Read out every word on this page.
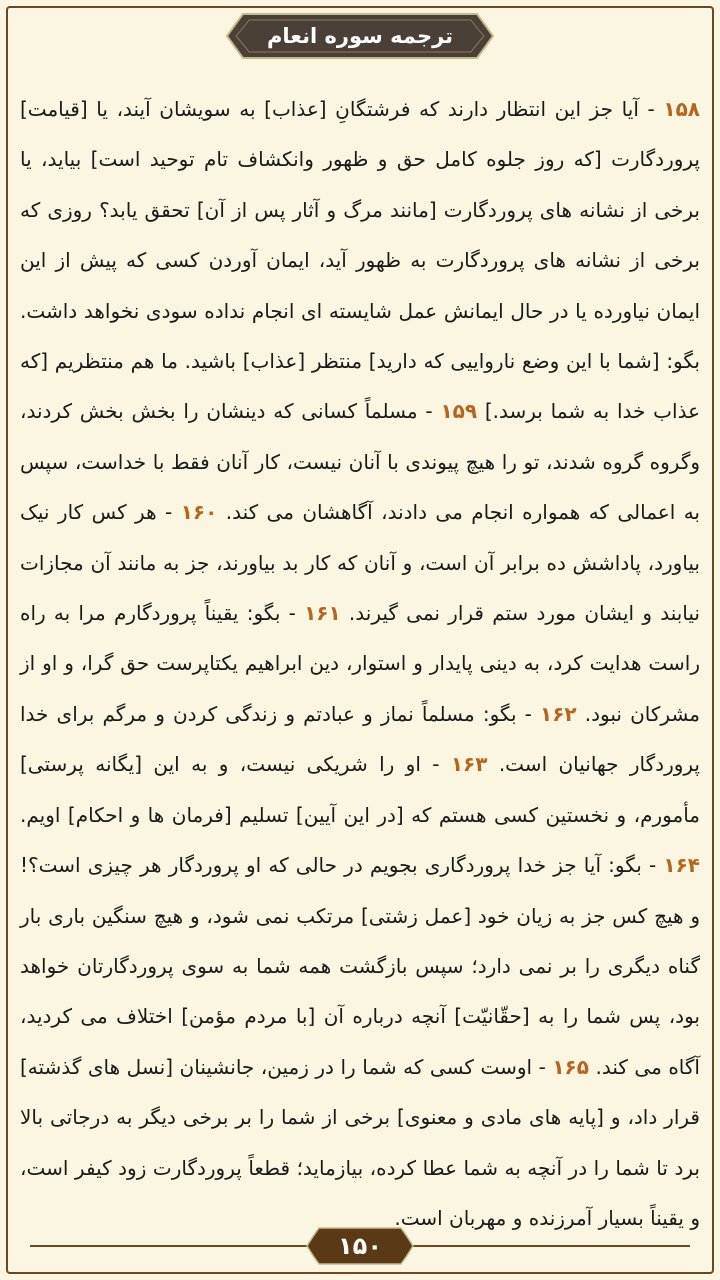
ترجمه سوره انعام
۱۵۸ - آیا جز این انتظار دارند که فرشتگانِ [عذاب] به سویشان آیند، یا [قیامت] پروردگارت [که روز جلوه کامل حق و ظهور وانکشاف تام توحید است] بیاید، یا برخی از نشانه های پروردگارت [مانند مرگ و آثار پس از آن] تحقق یابد؟ روزی که برخی از نشانه های پروردگارت به ظهور آید، ایمان آوردن کسی که پیش از این ایمان نیاورده یا در حال ایمانش عمل شایسته ای انجام نداده سودی نخواهد داشت. بگو: [شما با این وضع نارواییی که دارید] منتظر [عذاب] باشید. ما هم منتظریم [که عذاب خدا به شما برسد.] ۱۵۹ - مسلماً کسانی که دینشان را بخش بخش کردند، وگروه گروه شدند، تو را هیچ پیوندی با آنان نیست، کار آنان فقط با خداست، سپس به اعمالی که همواره انجام می دادند، آگاهشان می کند. ۱۶۰ - هر کس کار نیک بیاورد، پاداشش ده برابر آن است، و آنان که کار بد بیاورند، جز به مانند آن مجازات نیابند و ایشان مورد ستم قرار نمی گیرند. ۱۶۱ - بگو: یقیناً پروردگارم مرا به راه راست هدایت کرد، به دینی پایدار و استوار، دین ابراهیم یکتاپرست حق گرا، و او از مشرکان نبود. ۱۶۲ - بگو: مسلماً نماز و عبادتم و زندگی کردن و مرگم برای خدا پروردگار جهانیان است. ۱۶۳ - او را شریکی نیست، و به این [یگانه پرستی] مأمورم، و نخستین کسی هستم که [در این آیین] تسلیم [فرمان ها و احکام] اویم. ۱۶۴ - بگو: آیا جز خدا پروردگاری بجویم در حالی که او پروردگار هر چیزی است؟! و هیچ کس جز به زیان خود [عمل زشتی] مرتکب نمی شود، و هیچ سنگین باری بار گناه دیگری را بر نمی دارد؛ سپس بازگشت همه شما به سوی پروردگارتان خواهد بود، پس شما را به [حقّانیّت] آنچه درباره آن [با مردم مؤمن] اختلاف می کردید، آگاه می کند. ۱۶۵ - اوست کسی که شما را در زمین، جانشینان [نسل های گذشته] قرار داد، و [پایه های مادی و معنوی] برخی از شما را بر برخی دیگر به درجاتی بالا برد تا شما را در آنچه به شما عطا کرده، بیازماید؛ قطعاً پروردگارت زود کیفر است، و یقیناً بسیار آمرزنده و مهربان است.
۱۵۰
